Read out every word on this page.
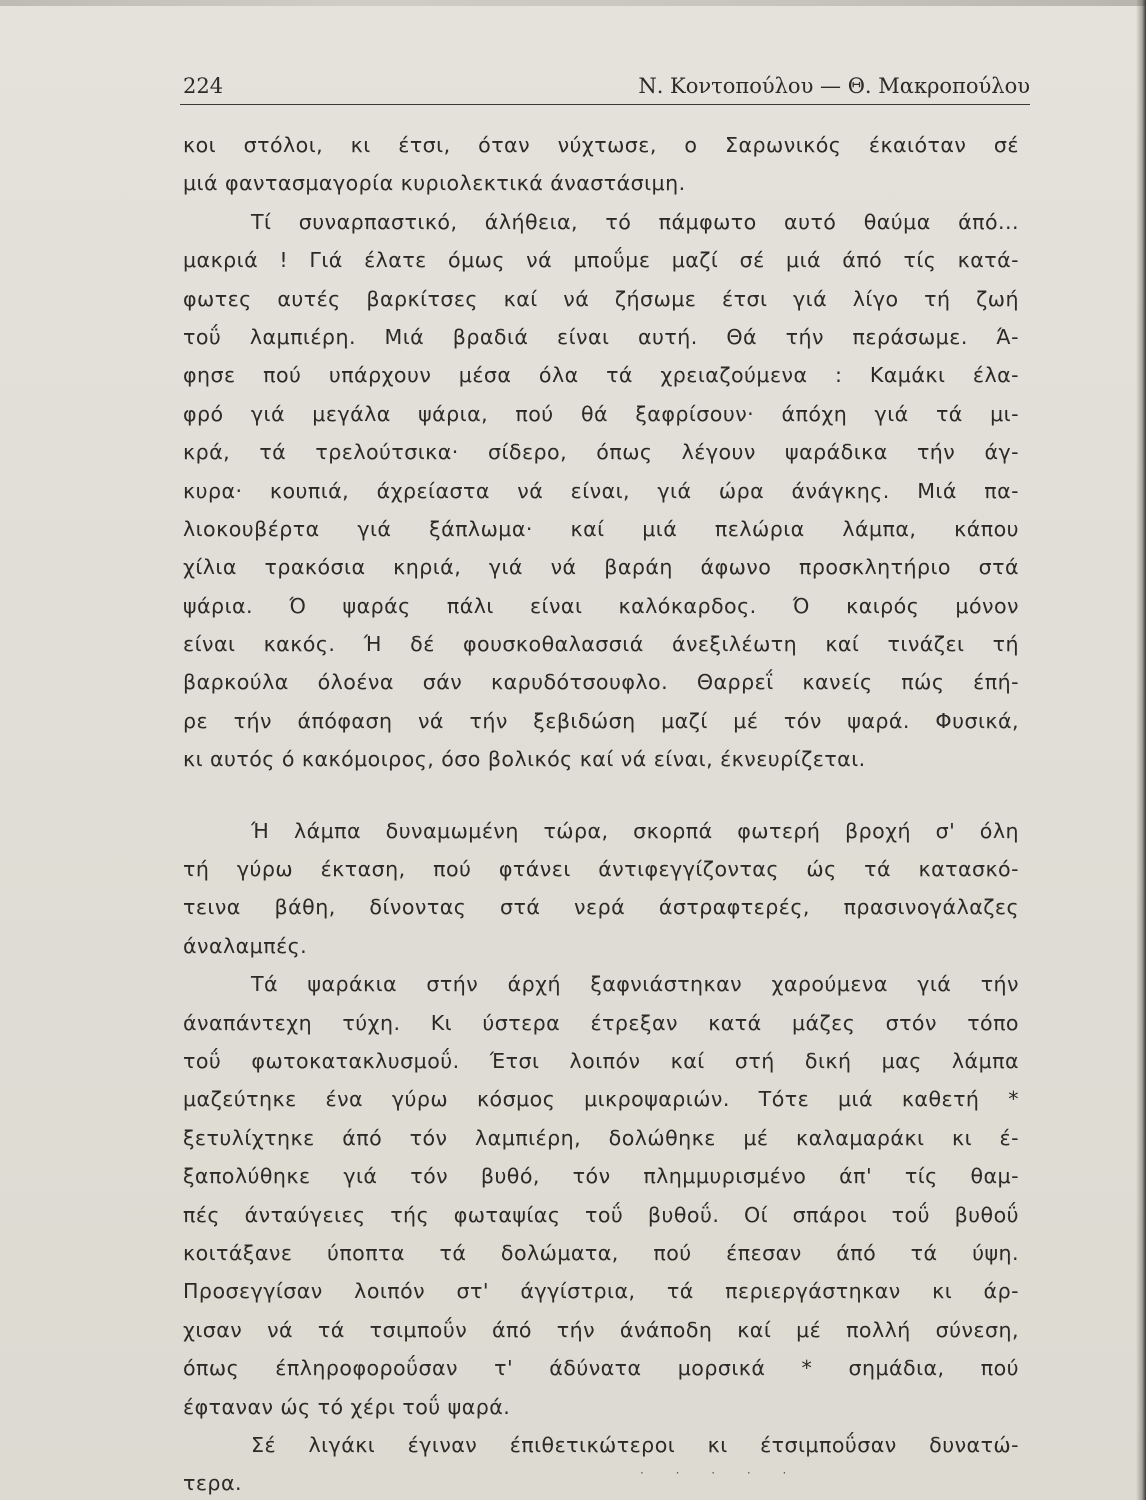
224	Ν. Κοντοπούλου — Θ. Μακροπούλου
κοι στόλοι, κι έτσι, όταν νύχτωσε, ο Σαρωνικός έκαιόταν σέ
μιά φαντασμαγορία κυριολεκτικά άναστάσιμη.
Τί συναρπαστικό, άλήθεια, τό πάμφωτο αυτό θαύμα άπό...
μακριά ! Γιά έλατε όμως νά μποΰμε μαζί σέ μιά άπό τίς κατά-
φωτες αυτές βαρκίτσες καί νά ζήσωμε έτσι γιά λίγο τή ζωή
τοΰ λαμπιέρη. Μιά βραδιά είναι αυτή. Θά τήν περάσωμε. Ά-
φησε πού υπάρχουν μέσα όλα τά χρειαζούμενα : Καμάκι έλα-
φρό γιά μεγάλα ψάρια, πού θά ξαφρίσουν· άπόχη γιά τά μι-
κρά, τά τρελούτσικα· σίδερο, όπως λέγουν ψαράδικα τήν άγ-
κυρα· κουπιά, άχρείαστα νά είναι, γιά ώρα άνάγκης. Μιά πα-
λιοκουβέρτα γιά ξάπλωμα· καί μιά πελώρια λάμπα, κάπου
χίλια τρακόσια κηριά, γιά νά βαράη άφωνο προσκλητήριο στά
ψάρια. Ό ψαράς πάλι είναι καλόκαρδος. Ό καιρός μόνον
είναι κακός. Ή δέ φουσκοθαλασσιά άνεξιλέωτη καί τινάζει τή
βαρκούλα όλοένα σάν καρυδότσουφλο. Θαρρεΐ κανείς πώς έπή-
ρε τήν άπόφαση νά τήν ξεβιδώση μαζί μέ τόν ψαρά. Φυσικά,
κι αυτός ό κακόμοιρος, όσο βολικός καί νά είναι, έκνευρίζεται.
Ή λάμπα δυναμωμένη τώρα, σκορπά φωτερή βροχή σ' όλη
τή γύρω έκταση, πού φτάνει άντιφεγγίζοντας ώς τά κατασκό-
τεινα βάθη, δίνοντας στά νερά άστραφτερές, πρασινογάλαζες
άναλαμπές.
Τά ψαράκια στήν άρχή ξαφνιάστηκαν χαρούμενα γιά τήν
άναπάντεχη τύχη. Κι ύστερα έτρεξαν κατά μάζες στόν τόπο
τοΰ φωτοκατακλυσμοΰ. Έτσι λοιπόν καί στή δική μας λάμπα
μαζεύτηκε ένα γύρω κόσμος μικροψαριών. Τότε μιά καθετή *
ξετυλίχτηκε άπό τόν λαμπιέρη, δολώθηκε μέ καλαμαράκι κι έ-
ξαπολύθηκε γιά τόν βυθό, τόν πλημμυρισμένο άπ' τίς θαμ-
πές άνταύγειες τής φωταψίας τοΰ βυθοΰ. Οί σπάροι τοΰ βυθοΰ
κοιτάξανε ύποπτα τά δολώματα, πού έπεσαν άπό τά ύψη.
Προσεγγίσαν λοιπόν στ' άγγίστρια, τά περιεργάστηκαν κι άρ-
χισαν νά τά τσιμποΰν άπό τήν άνάποδη καί μέ πολλή σύνεση,
όπως έπληροφοροΰσαν τ' άδύνατα μορσικά * σημάδια, πού
έφταναν ώς τό χέρι τοΰ ψαρά.
Σέ λιγάκι έγιναν έπιθετικώτεροι κι έτσιμποΰσαν δυνατώ-
τερα.	· · · · ·
